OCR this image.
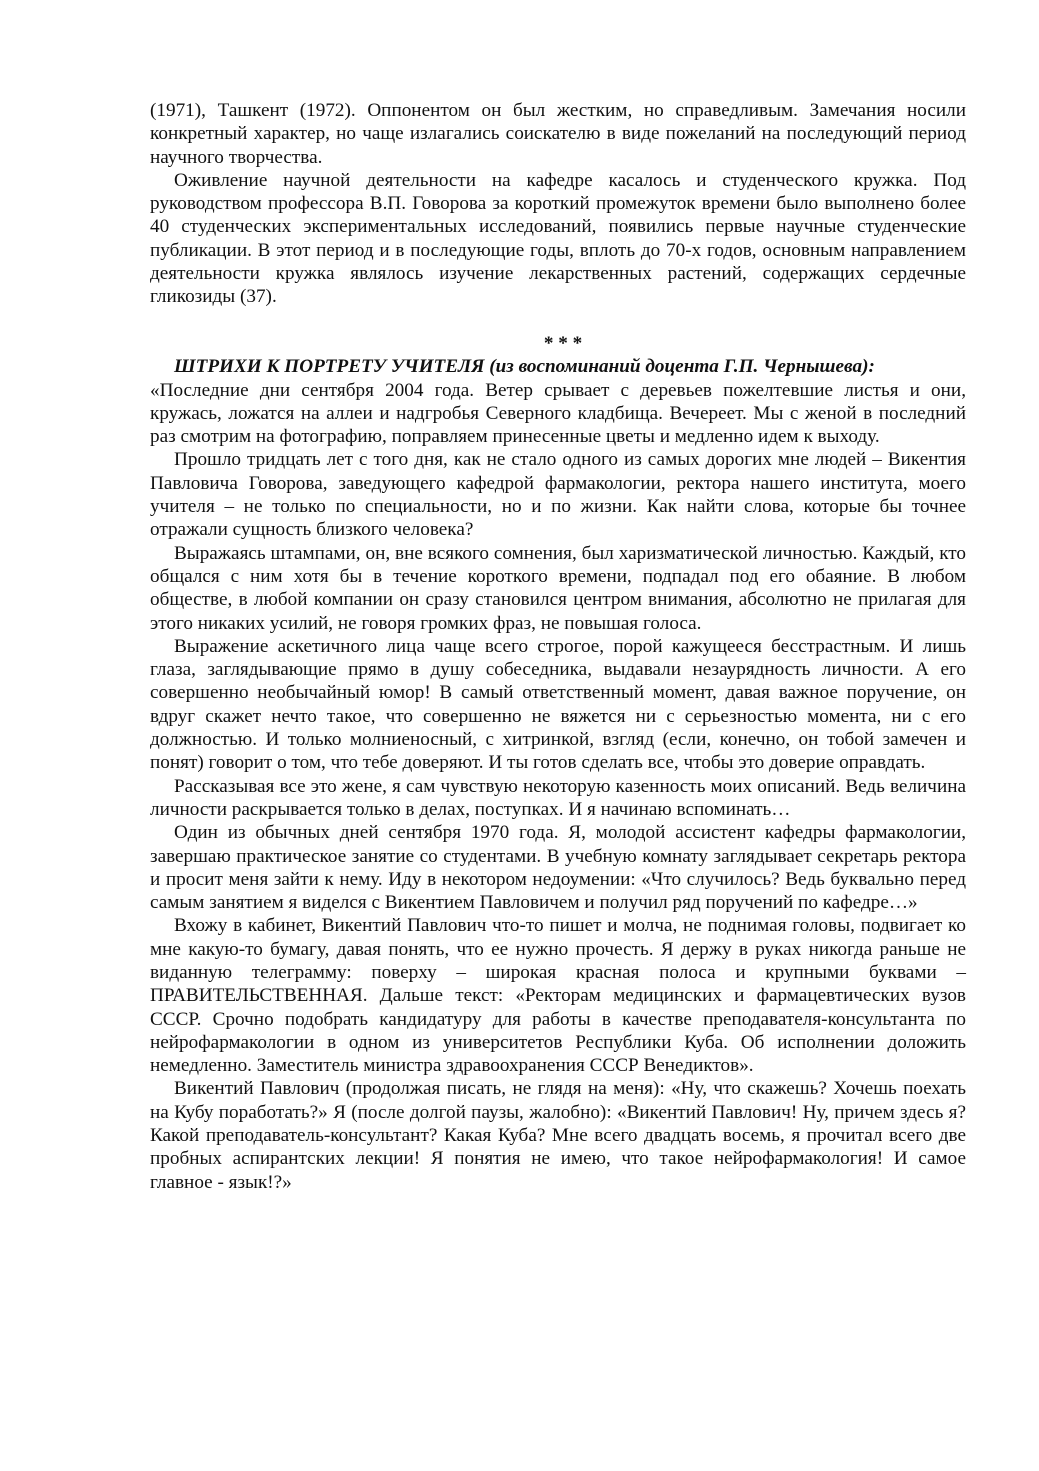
(1971), Ташкент (1972). Оппонентом он был жестким, но справедливым. Замечания носили конкретный характер, но чаще излагались соискателю в виде пожеланий на последующий период научного творчества.

Оживление научной деятельности на кафедре касалось и студенческого кружка. Под руководством профессора В.П. Говорова за короткий промежуток времени было выполнено более 40 студенческих экспериментальных исследований, появились первые научные студенческие публикации. В этот период и в последующие годы, вплоть до 70-х годов, основным направлением деятельности кружка являлось изучение лекарственных растений, содержащих сердечные гликозиды (37).

* * *

ШТРИХИ К ПОРТРЕТУ УЧИТЕЛЯ (из воспоминаний доцента Г.П. Чернышева):

«Последние дни сентября 2004 года. Ветер срывает с деревьев пожелтевшие листья и они, кружась, ложатся на аллеи и надгробья Северного кладбища. Вечереет. Мы с женой в последний раз смотрим на фотографию, поправляем принесенные цветы и медленно идем к выходу.

Прошло тридцать лет с того дня, как не стало одного из самых дорогих мне людей – Викентия Павловича Говорова, заведующего кафедрой фармакологии, ректора нашего института, моего учителя – не только по специальности, но и по жизни. Как найти слова, которые бы точнее отражали сущность близкого человека?

Выражаясь штампами, он, вне всякого сомнения, был харизматической личностью. Каждый, кто общался с ним хотя бы в течение короткого времени, подпадал под его обаяние. В любом обществе, в любой компании он сразу становился центром внимания, абсолютно не прилагая для этого никаких усилий, не говоря громких фраз, не повышая голоса.

Выражение аскетичного лица чаще всего строгое, порой кажущееся бесстрастным. И лишь глаза, заглядывающие прямо в душу собеседника, выдавали незаурядность личности. А его совершенно необычайный юмор! В самый ответственный момент, давая важное поручение, он вдруг скажет нечто такое, что совершенно не вяжется ни с серьезностью момента, ни с его должностью. И только молниеносный, с хитринкой, взгляд (если, конечно, он тобой замечен и понят) говорит о том, что тебе доверяют. И ты готов сделать все, чтобы это доверие оправдать.

Рассказывая все это жене, я сам чувствую некоторую казенность моих описаний. Ведь величина личности раскрывается только в делах, поступках. И я начинаю вспоминать…

Один из обычных дней сентября 1970 года. Я, молодой ассистент кафедры фармакологии, завершаю практическое занятие со студентами. В учебную комнату заглядывает секретарь ректора и просит меня зайти к нему. Иду в некотором недоумении: «Что случилось? Ведь буквально перед самым занятием я виделся с Викентием Павловичем и получил ряд поручений по кафедре…»

Вхожу в кабинет, Викентий Павлович что-то пишет и молча, не поднимая головы, подвигает ко мне какую-то бумагу, давая понять, что ее нужно прочесть. Я держу в руках никогда раньше не виданную телеграмму: поверху – широкая красная полоса и крупными буквами – ПРАВИТЕЛЬСТВЕННАЯ. Дальше текст: «Ректорам медицинских и фармацевтических вузов СССР. Срочно подобрать кандидатуру для работы в качестве преподавателя-консультанта по нейрофармакологии в одном из университетов Республики Куба. Об исполнении доложить немедленно. Заместитель министра здравоохранения СССР Венедиктов».

Викентий Павлович (продолжая писать, не глядя на меня): «Ну, что скажешь? Хочешь поехать на Кубу поработать?» Я (после долгой паузы, жалобно): «Викентий Павлович! Ну, причем здесь я? Какой преподаватель-консультант? Какая Куба? Мне всего двадцать восемь, я прочитал всего две пробных аспирантских лекции! Я понятия не имею, что такое нейрофармакология! И самое главное - язык!?»
